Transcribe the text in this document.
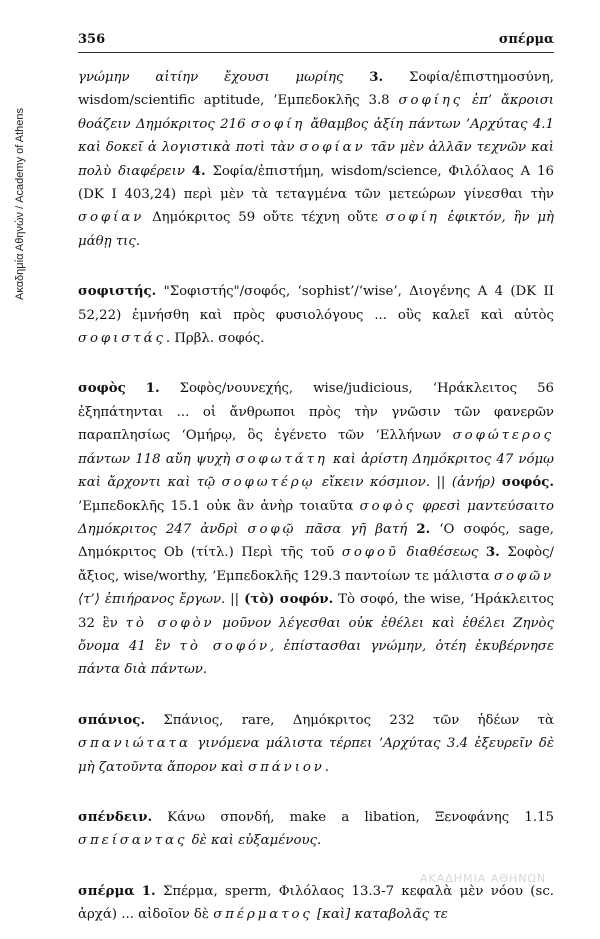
Ακαδημία Αθηνών / Academy of Athens
356	σπέρμα

γνώμην αἰτίην ἔχουσι μωρίης 3. Σοφία/ἐπιστημοσύνη, wisdom/scientific aptitude, ’Εμπεδοκλῆς 3.8 σοφίης ἐπ’ ἄκροισι θοάζειν Δημόκριτος 216 σοφίη ἄθαμβος ἀξίη πάντων ’Αρχύτας 4.1 καὶ δοκεῖ ἁ λογιστικὰ ποτὶ τὰν σοφίαν τᾶν μὲν ἀλλᾶν τεχνῶν καὶ πολὺ διαφέρειν 4. Σοφία/ἐπιστήμη, wisdom/science, Φιλόλαος A 16 (DK I 403,24) περὶ μὲν τὰ τεταγμένα τῶν μετεώρων γίνεσθαι τὴν σοφίαν Δημόκριτος 59 οὔτε τέχνη οὔτε σοφίη ἐφικτόν, ἢν μὴ μάθῃ τις.

σοφιστής. "Σοφιστής"/σοφός, ‘sophist’/‘wise’, Διογένης A 4 (DK II 52,22) ἐμνήσθη καὶ πρὸς φυσιολόγους ... οὓς καλεῖ καὶ αὐτὸς σοφιστάς. Πρβλ. σοφός.

σοφὸς 1. Σοφὸς/νουνεχής, wise/judicious, ‘Ηράκλειτος 56 ἐξηπάτηνται ... οἱ ἄνθρωποι πρὸς τὴν γνῶσιν τῶν φανερῶν παραπλησίως ‘Ομήρῳ, ὃς ἐγένετο τῶν ‘Ελλήνων σοφώτερος πάντων 118 αὔη ψυχὴ σοφωτάτη καὶ ἀρίστη Δημόκριτος 47 νόμῳ καὶ ἄρχοντι καὶ τῷ σοφωτέρῳ εἴκειν κόσμιον. || (ἀνήρ) σοφός. ’Εμπεδοκλῆς 15.1 οὐκ ἂν ἀνὴρ τοιαῦτα σοφὸς φρεσὶ μαντεύσαιτο Δημόκριτος 247 ἀνδρὶ σοφῷ πᾶσα γῆ βατή 2. ‘Ο σοφός, sage, Δημόκριτος Ob (τίτλ.) Περὶ τῆς τοῦ σοφοῦ διαθέσεως 3. Σοφὸς/ἄξιος, wise/worthy, ’Εμπεδοκλῆς 129.3 παντοίων τε μάλιστα σοφῶν ⟨τ’⟩ ἐπιήρανος ἔργων. || (τὸ) σοφόν. Τὸ σοφό, the wise, ‘Ηράκλειτος 32 ἓν τὸ σοφὸν μοῦνον λέγεσθαι οὐκ ἐθέλει καὶ ἐθέλει Ζηνὸς ὄνομα 41 ἓν τὸ σοφόν, ἐπίστασθαι γνώμην, ὁτέη ἐκυβέρνησε πάντα διὰ πάντων.

σπάνιος. Σπάνιος, rare, Δημόκριτος 232 τῶν ἡδέων τὰ σπανιώτατα γινόμενα μάλιστα τέρπει ’Αρχύτας 3.4 ἐξευρεῖν δὲ μὴ ζατοῦντα ἄπορον καὶ σπάνιον.

σπένδειν. Κάνω σπονδή, make a libation, Ξενοφάνης 1.15 σπείσαντας δὲ καὶ εὐξαμένους.

σπέρμα 1. Σπέρμα, sperm, Φιλόλαος 13.3-7 κεφαλὰ μὲν νόου (sc. ἀρχά) ... αἰδοῖον δὲ σπέρματος [καὶ] καταβολᾶς τε

ΑΚΑΔΗΜΙΑ ΑΘΗΝΩΝ
